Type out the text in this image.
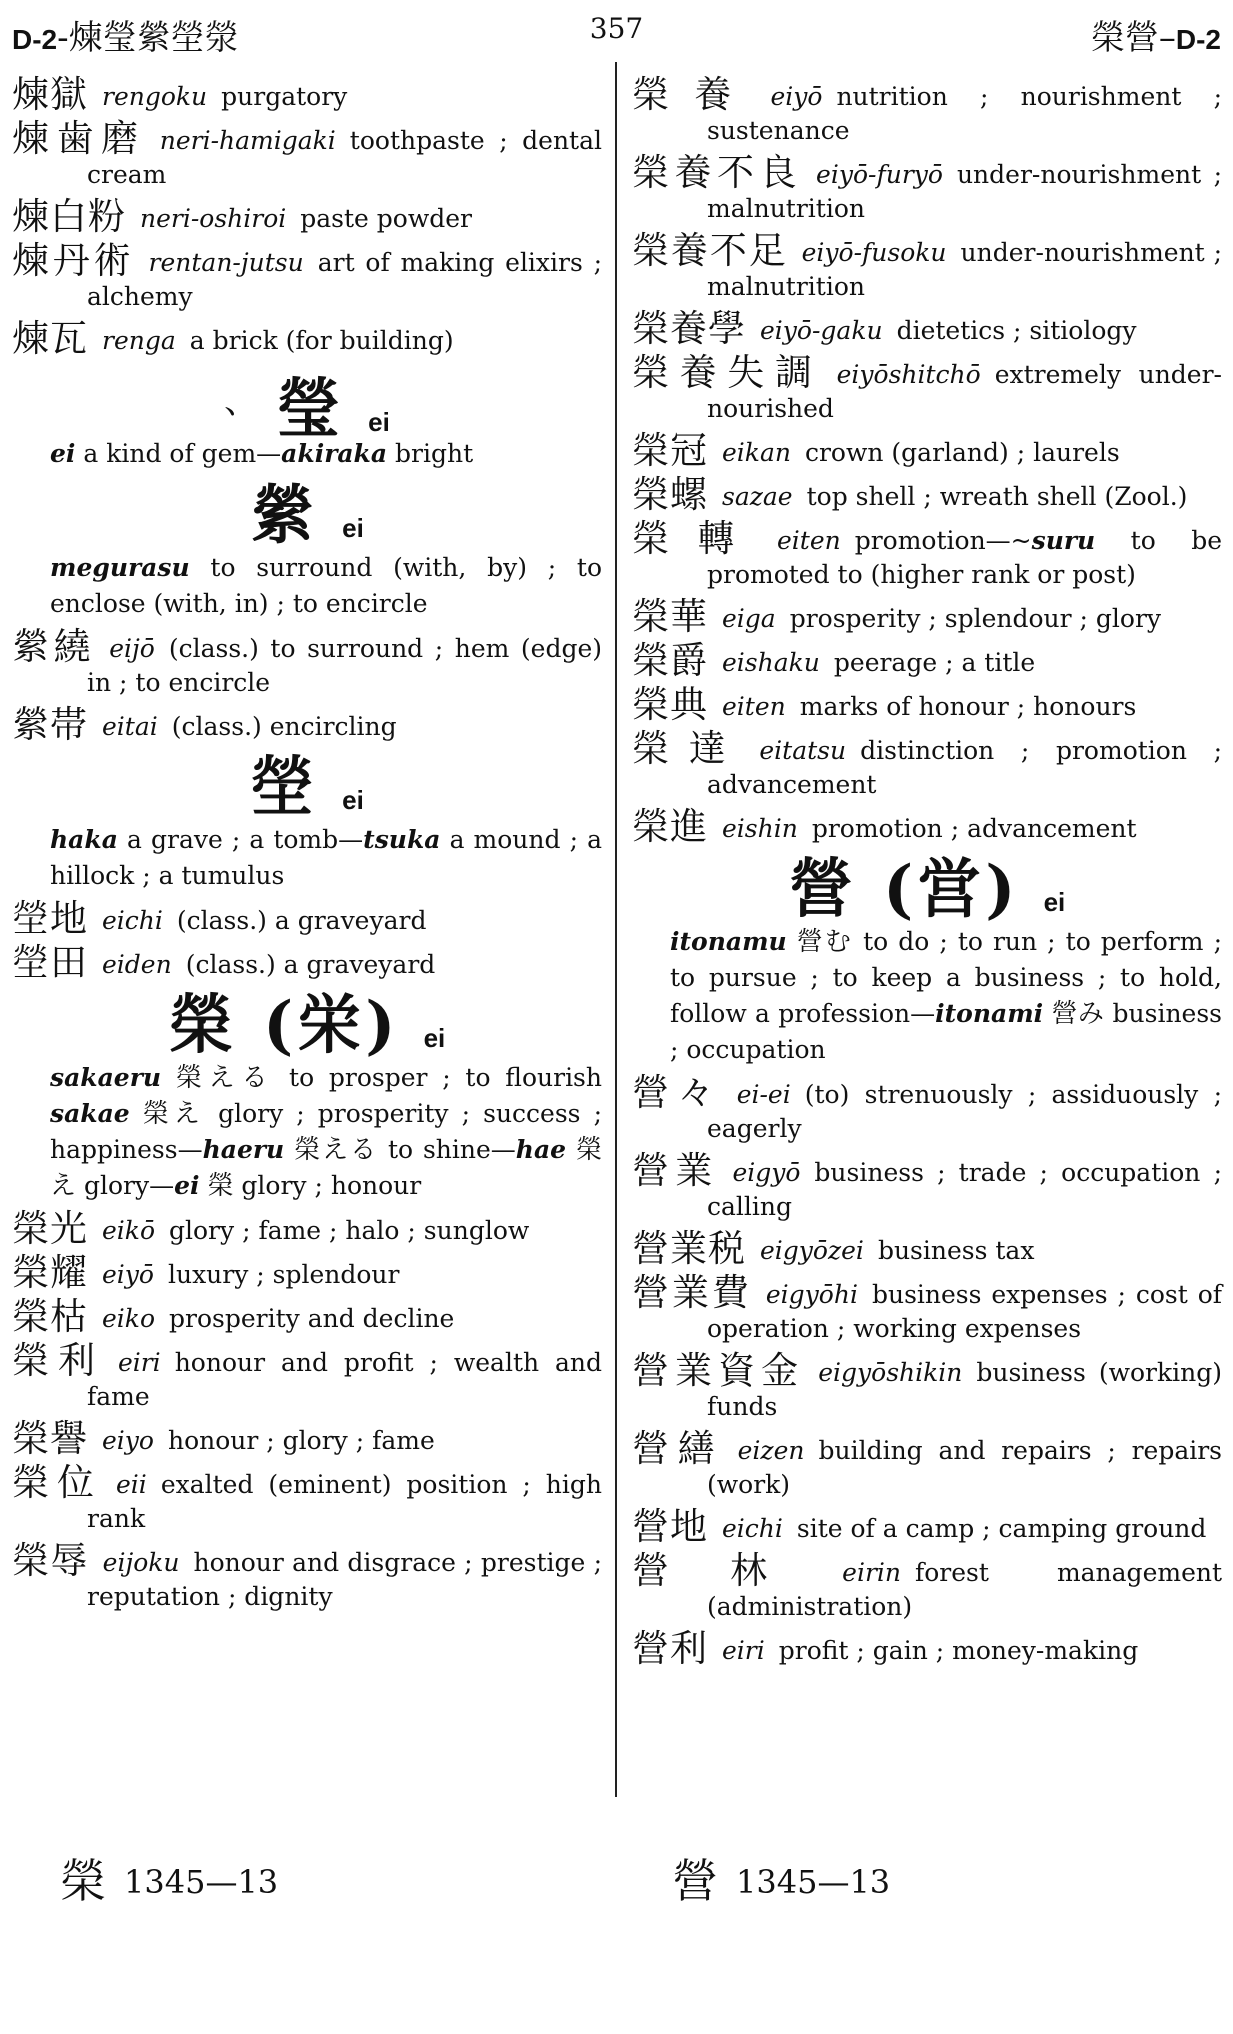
D-2-煉瑩縈塋滎	357	榮營–D-2
煉獄 rengoku purgatory
煉歯磨 neri-hamigaki toothpaste ; dental cream
煉白粉 neri-oshiroi paste powder
煉丹術 rentan-jutsu art of making elixirs ; alchemy
煉瓦 renga a brick (for building)
、 瑩 ei
ei a kind of gem—akiraka bright
縈ei
megurasu to surround (with, by) ; to enclose (with, in) ; to encircle
縈繞 eijō (class.) to surround ; hem (edge) in ; to encircle
縈帯 eitai (class.) encircling
塋ei
haka a grave ; a tomb—tsuka a mound ; a hillock ; a tumulus
塋地 eichi (class.) a graveyard
塋田 eiden (class.) a graveyard
榮 (栄) ei
sakaeru 榮える to prosper ; to flourish sakae 榮え glory ; prosperity ; success ; happiness—haeru 榮える to shine—hae 榮え glory—ei 榮 glory ; honour
榮光 eikō glory ; fame ; halo ; sunglow
榮耀 eiyō luxury ; splendour
榮枯 eiko prosperity and decline
榮利 eiri honour and profit ; wealth and fame
榮譽 eiyo honour ; glory ; fame
榮位 eii exalted (eminent) position ; high rank
榮辱 eijoku honour and disgrace ; prestige ; reputation ; dignity
榮養 eiyō nutrition ; nourishment ; sustenance
榮養不良 eiyō-furyō under-nourishment ; malnutrition
榮養不足 eiyō-fusoku under-nourishment ; malnutrition
榮養學 eiyō-gaku dietetics ; sitiology
榮養失調 eiyōshitchō extremely under-nourished
榮冠 eikan crown (garland) ; laurels
榮螺 sazae top shell ; wreath shell (Zool.)
榮轉 eiten promotion—~suru to be promoted to (higher rank or post)
榮華 eiga prosperity ; splendour ; glory
榮爵 eishaku peerage ; a title
榮典 eiten marks of honour ; honours
榮達 eitatsu distinction ; promotion ; advancement
榮進 eishin promotion ; advancement
營 (営) ei
itonamu 營む to do ; to run ; to perform ; to pursue ; to keep a business ; to hold, follow a profession—itonami 營み business ; occupation
營々 ei-ei (to) strenuously ; assiduously ; eagerly
營業 eigyō business ; trade ; occupation ; calling
營業税 eigyōzei business tax
營業費 eigyōhi business expenses ; cost of operation ; working expenses
營業資金 eigyōshikin business (working) funds
營繕 eizen building and repairs ; repairs (work)
營地 eichi site of a camp ; camping ground
營林 eirin forest management (administration)
營利 eiri profit ; gain ; money-making
榮 1345—13	營 1345—13
